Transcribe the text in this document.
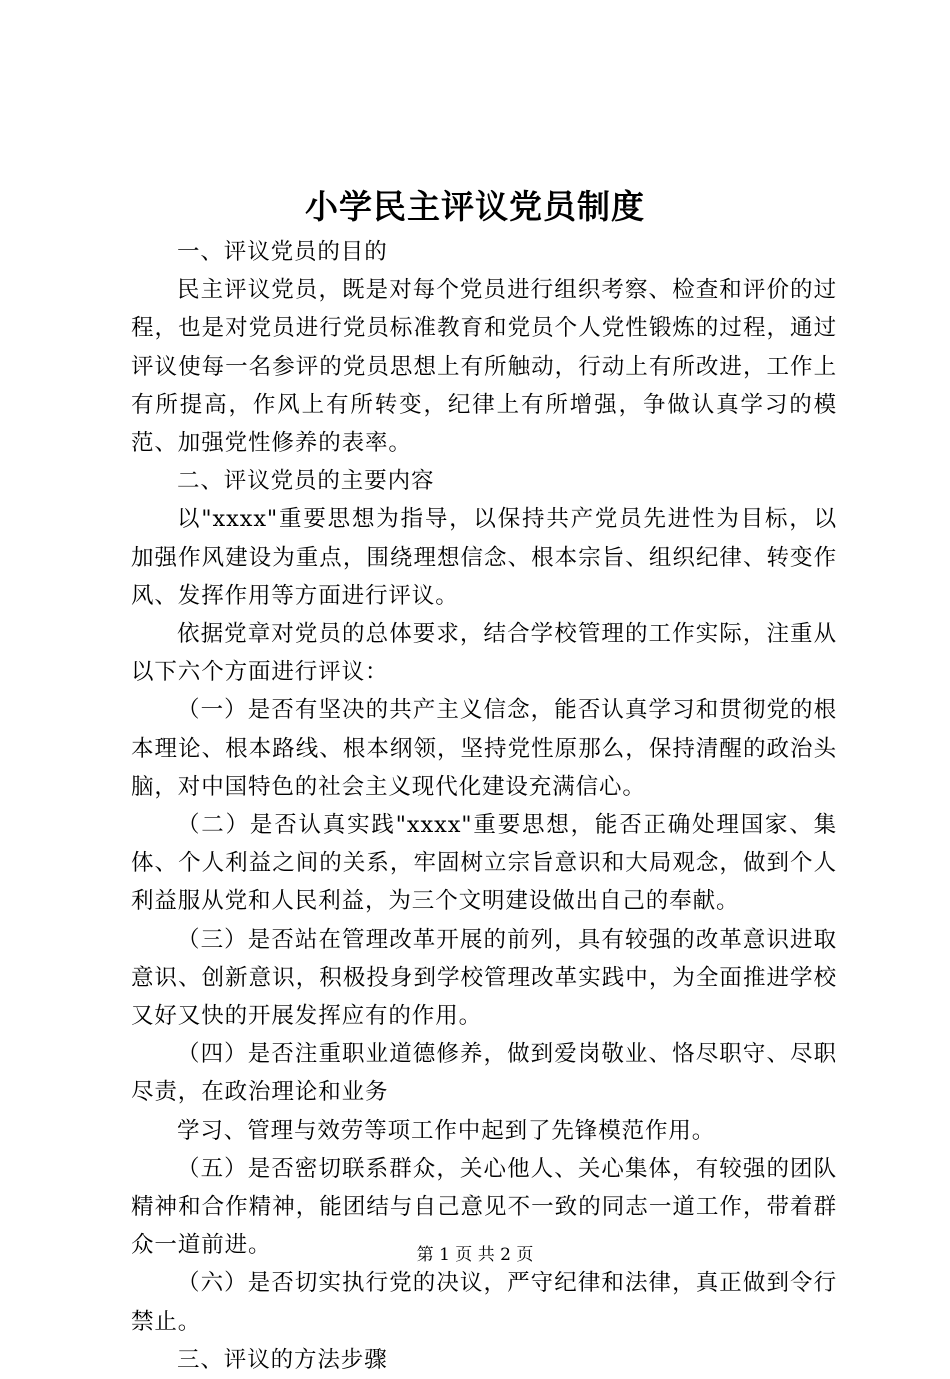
小学民主评议党员制度

一、评议党员的目的

民主评议党员，既是对每个党员进行组织考察、检查和评价的过程，也是对党员进行党员标准教育和党员个人党性锻炼的过程，通过评议使每一名参评的党员思想上有所触动，行动上有所改进，工作上有所提高，作风上有所转变，纪律上有所增强，争做认真学习的模范、加强党性修养的表率。

二、评议党员的主要内容

以"xxxx"重要思想为指导，以保持共产党员先进性为目标，以加强作风建设为重点，围绕理想信念、根本宗旨、组织纪律、转变作风、发挥作用等方面进行评议。

依据党章对党员的总体要求，结合学校管理的工作实际，注重从以下六个方面进行评议：

（一）是否有坚决的共产主义信念，能否认真学习和贯彻党的根本理论、根本路线、根本纲领，坚持党性原那么，保持清醒的政治头脑，对中国特色的社会主义现代化建设充满信心。

（二）是否认真实践"xxxx"重要思想，能否正确处理国家、集体、个人利益之间的关系，牢固树立宗旨意识和大局观念，做到个人利益服从党和人民利益，为三个文明建设做出自己的奉献。

（三）是否站在管理改革开展的前列，具有较强的改革意识进取意识、创新意识，积极投身到学校管理改革实践中，为全面推进学校又好又快的开展发挥应有的作用。

（四）是否注重职业道德修养，做到爱岗敬业、恪尽职守、尽职尽责，在政治理论和业务

学习、管理与效劳等项工作中起到了先锋模范作用。

（五）是否密切联系群众，关心他人、关心集体，有较强的团队精神和合作精神，能团结与自己意见不一致的同志一道工作，带着群众一道前进。

（六）是否切实执行党的决议，严守纪律和法律，真正做到令行禁止。

三、评议的方法步骤

第 1 页 共 2 页
